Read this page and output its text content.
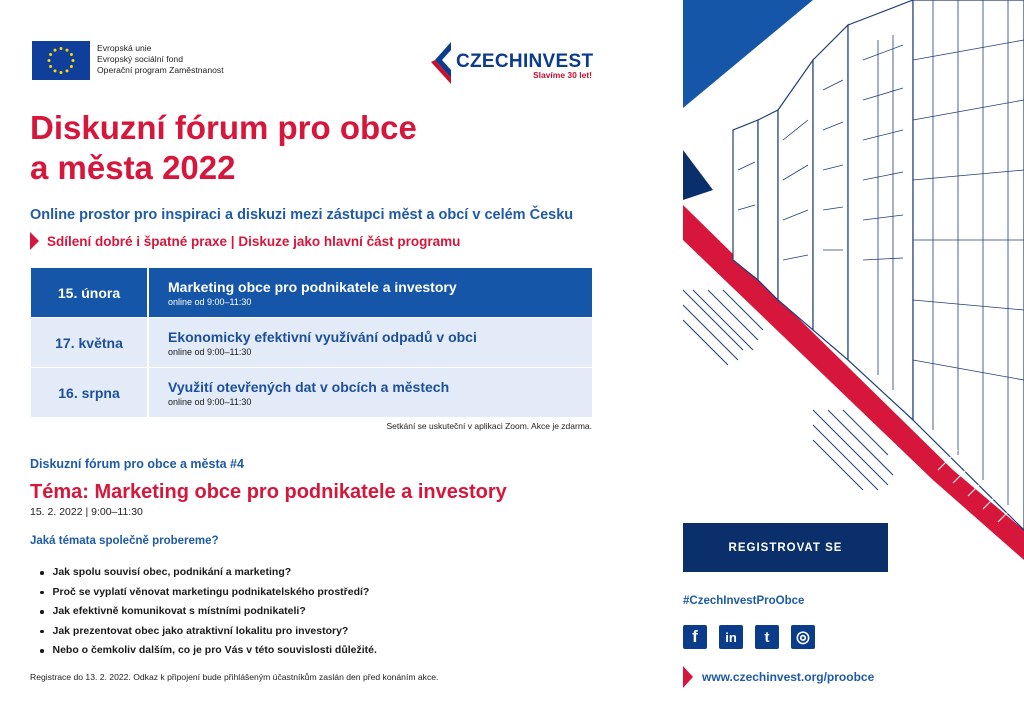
Evropská unie
Evropský sociální fond
Operační program Zaměstnanost	CZECHINVEST
Slavíme 30 let!
Diskuzní fórum pro obce
a města 2022
Online prostor pro inspiraci a diskuzi mezi zástupci měst a obcí v celém Česku
Sdílení dobré i špatné praxe | Diskuze jako hlavní část programu
15. února	Marketing obce pro podnikatele a investory
online od 9:00–11:30
17. května	Ekonomicky efektivní využívání odpadů v obci
online od 9:00–11:30
16. srpna	Využití otevřených dat v obcích a městech
online od 9:00–11:30
Setkání se uskuteční v aplikaci Zoom. Akce je zdarma.
Diskuzní fórum pro obce a města #4
Téma: Marketing obce pro podnikatele a investory
15. 2. 2022 | 9:00–11:30
Jaká témata společně probereme?
Jak spolu souvisí obec, podnikání a marketing?
Proč se vyplatí věnovat marketingu podnikatelského prostředí?
Jak efektivně komunikovat s místními podnikateli?
Jak prezentovat obec jako atraktivní lokalitu pro investory?
Nebo o čemkoliv dalším, co je pro Vás v této souvislosti důležité.
Registrace do 13. 2. 2022. Odkaz k připojení bude přihlášeným účastníkům zaslán den před konáním akce.
REGISTROVAT SE
#CzechInvestProObce
f in t ◎
www.czechinvest.org/proobce
